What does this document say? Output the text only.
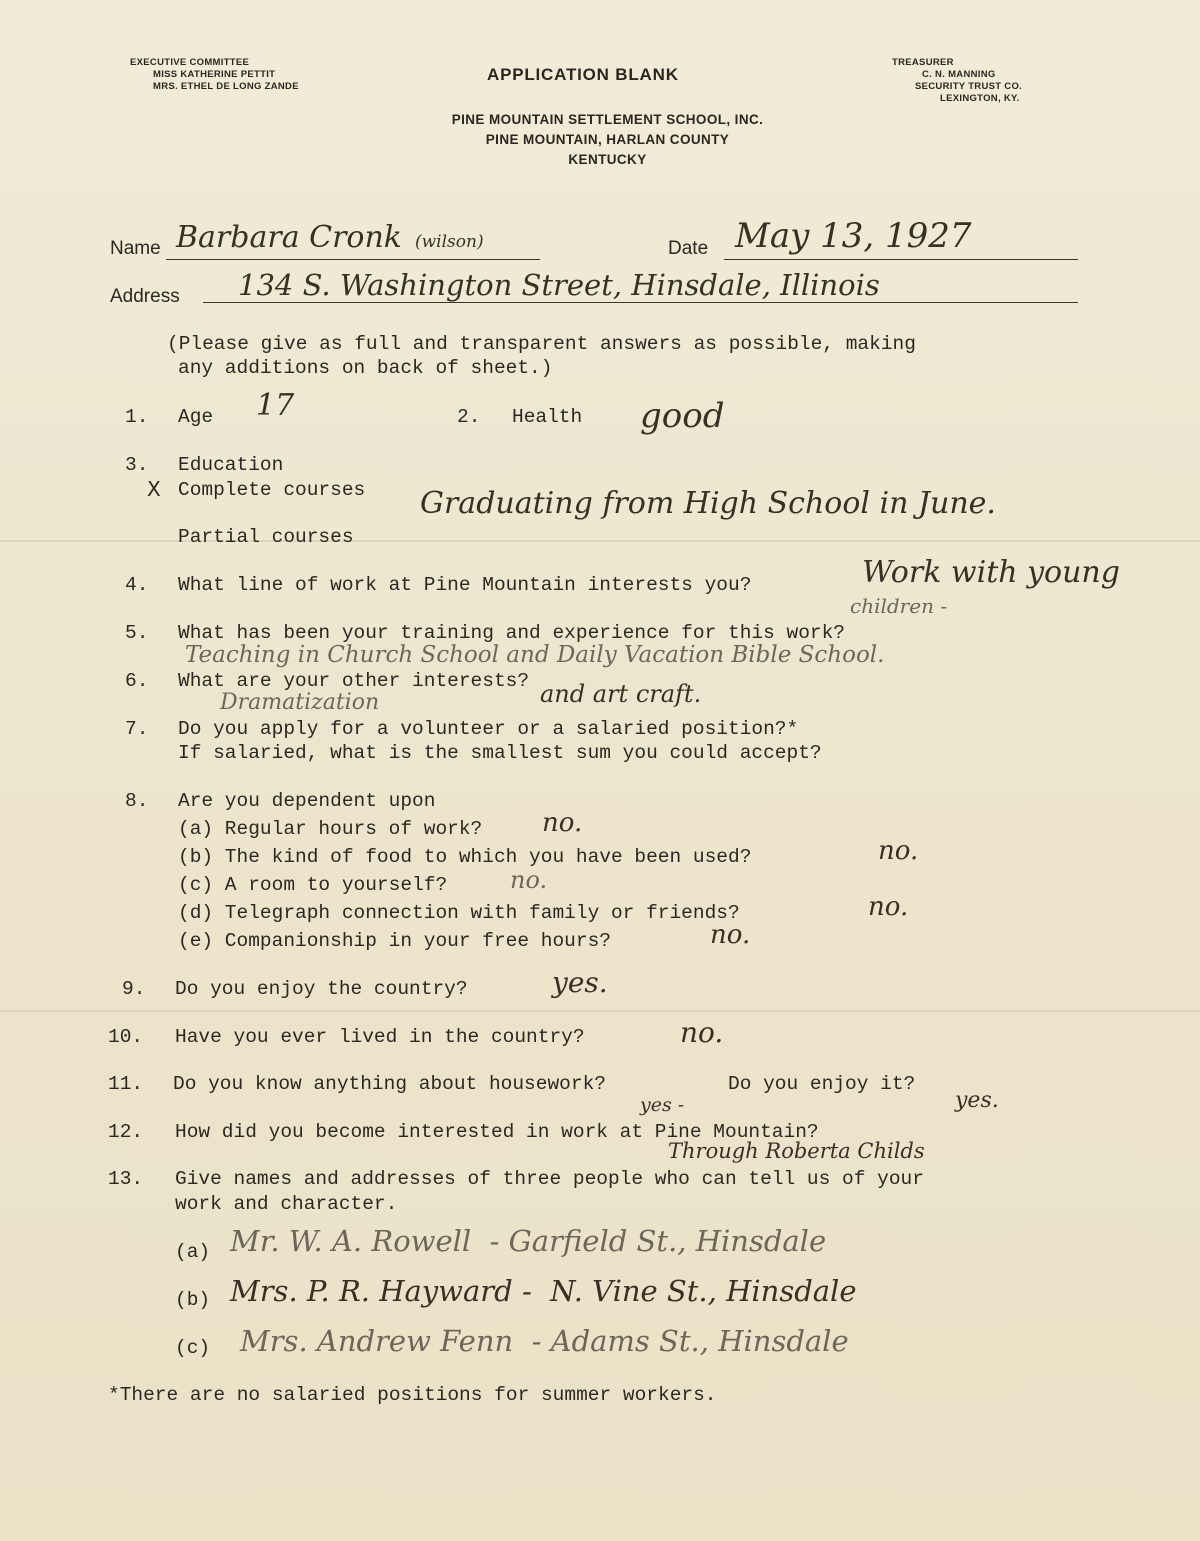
EXECUTIVE COMMITTEE
MISS KATHERINE PETTIT
MRS. ETHEL DE LONG ZANDE
APPLICATION BLANK
TREASURER
C. N. MANNING
SECURITY TRUST CO.
LEXINGTON, KY.
PINE MOUNTAIN SETTLEMENT SCHOOL, INC.
PINE MOUNTAIN, HARLAN COUNTY
KENTUCKY
Name Barbara Cronk (wilson)	Date May 13, 1927
Address 134 S. Washington Street, Hinsdale, Illinois
(Please give as full and transparent answers as possible, making
any additions on back of sheet.)
1. Age 17	2. Health good
3. Education
X Complete courses Graduating from High School in June.
Partial courses
4. What line of work at Pine Mountain interests you?	Work with young
children -
5. What has been your training and experience for this work?
Teaching in Church School and Daily Vacation Bible School.
6. What are your other interests?
Dramatization	and art craft.
7. Do you apply for a volunteer or a salaried position?*
If salaried, what is the smallest sum you could accept?
8. Are you dependent upon
(a) Regular hours of work? no.
(b) The kind of food to which you have been used?	no.
(c) A room to yourself?	no.
(d) Telegraph connection with family or friends?	no.
(e) Companionship in your free hours?	no.
9. Do you enjoy the country?	yes.
10. Have you ever lived in the country?	no.
11. Do you know anything about housework?	Do you enjoy it?
yes -	yes.
12. How did you become interested in work at Pine Mountain?
Through Roberta Childs
13. Give names and addresses of three people who can tell us of your
work and character.
(a) Mr. W. A. Rowell  - Garfield St., Hinsdale
(b) Mrs. P. R. Hayward -  N. Vine St., Hinsdale
(c) Mrs. Andrew Fenn  - Adams St., Hinsdale
*There are no salaried positions for summer workers.
